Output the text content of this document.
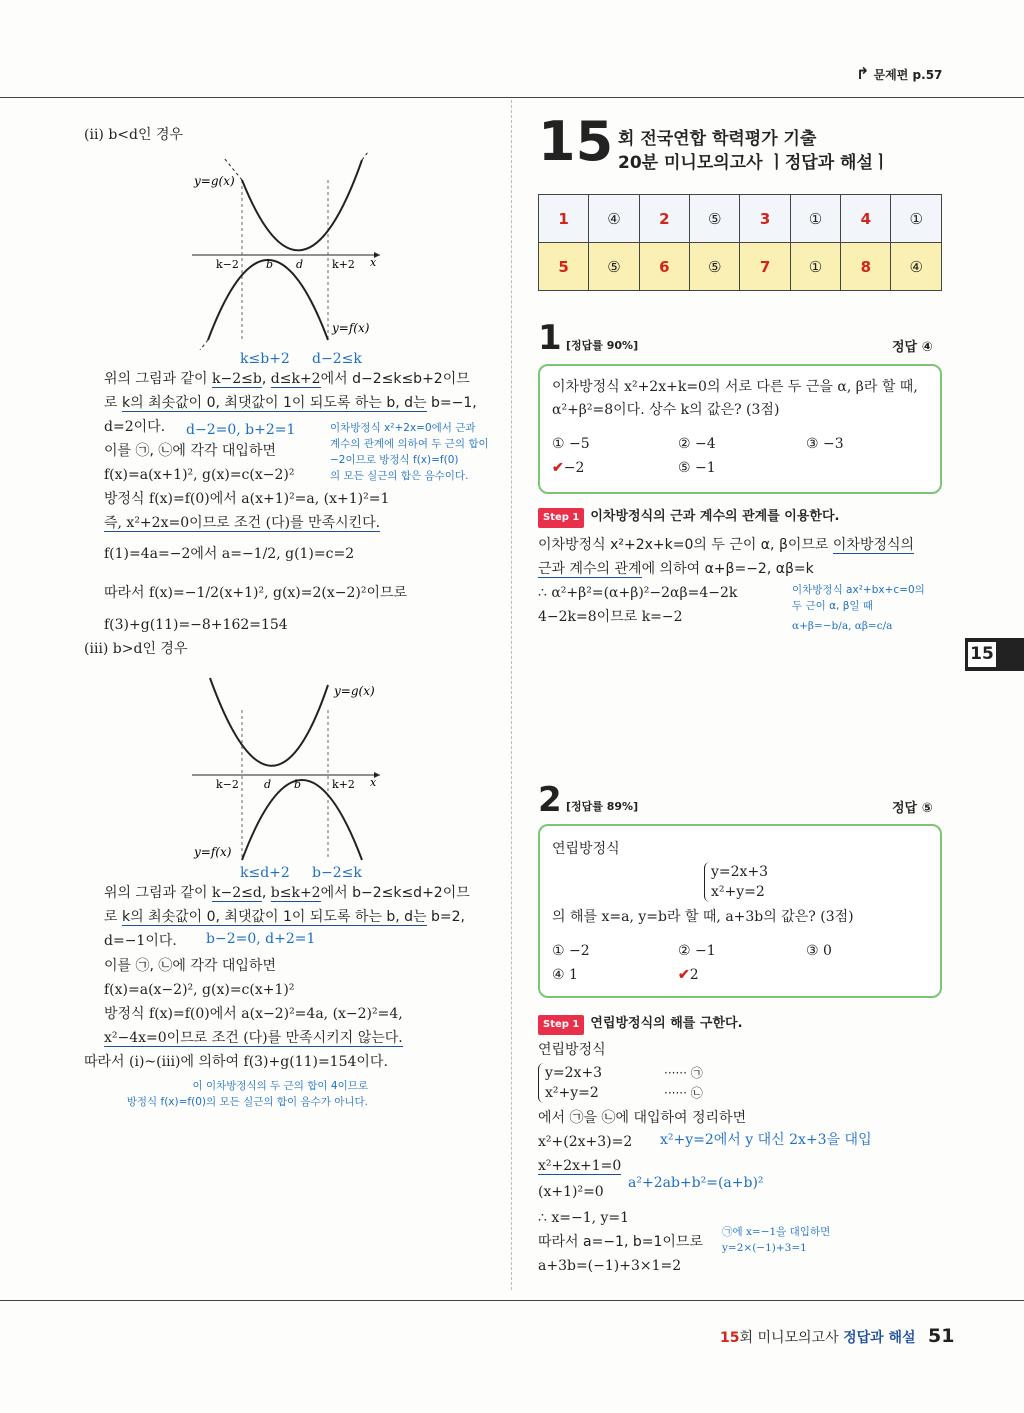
↱ 문제편 p.57
(ⅱ) b<d인 경우
y=g(x)
y=f(x)
k−2 b d	k+2 x
k≤b+2 d−2≤k
위의 그림과 같이 k−2≤b, d≤k+2에서 d−2≤k≤b+2이므
로 k의 최솟값이 0, 최댓값이 1이 되도록 하는 b, d는 b=−1,
d=2이다. d−2=0, b+2=1	이차방정식 x²+2x=0에서 근과
계수의 관계에 의하여 두 근의 합이
−2이므로 방정식 f(x)=f(0)
의 모든 실근의 합은 음수이다.
이를 ㉠, ㉡에 각각 대입하면
f(x)=a(x+1)², g(x)=c(x−2)²
방정식 f(x)=f(0)에서 a(x+1)²=a, (x+1)²=1
즉, x²+2x=0이므로 조건 (다)를 만족시킨다.
f(1)=4a=−2에서 a=−1/2, g(1)=c=2
따라서 f(x)=−1/2(x+1)², g(x)=2(x−2)²이므로
f(3)+g(11)=−8+162=154
(ⅲ) b>d인 경우
y=g(x)
y=f(x)
k−2 d b	k+2 x
k≤d+2 b−2≤k
위의 그림과 같이 k−2≤d, b≤k+2에서 b−2≤k≤d+2이므
로 k의 최솟값이 0, 최댓값이 1이 되도록 하는 b, d는 b=2,
d=−1이다. b−2=0, d+2=1
이를 ㉠, ㉡에 각각 대입하면
f(x)=a(x−2)², g(x)=c(x+1)²
방정식 f(x)=f(0)에서 a(x−2)²=4a, (x−2)²=4,
x²−4x=0이므로 조건 (다)를 만족시키지 않는다.
따라서 (ⅰ)~(ⅲ)에 의하여 f(3)+g(11)=154이다.
이 이차방정식의 두 근의 합이 4이므로
방정식 f(x)=f(0)의 모든 실근의 합이 음수가 아니다.
15 회 전국연합 학력평가 기출
20분 미니모의고사 ㅣ정답과 해설ㅣ
1	④	2	⑤	3	①	4	①
5	⑤	6	⑤	7	①	8	④
1 [정답률 90%]	정답 ④
이차방정식 x²+2x+k=0의 서로 다른 두 근을 α, β라 할 때,
α²+β²=8이다. 상수 k의 값은? (3점)
① −5	② −4	③ −3
✔−2	⑤ −1
Step 1 이차방정식의 근과 계수의 관계를 이용한다.
이차방정식 x²+2x+k=0의 두 근이 α, β이므로 이차방정식의
근과 계수의 관계에 의하여 α+β=−2, αβ=k
∴ α²+β²=(α+β)²−2αβ=4−2k
4−2k=8이므로 k=−2
이차방정식 ax²+bx+c=0의
두 근이 α, β일 때
α+β=−b/a, αβ=c/a
15
2 [정답률 89%]	정답 ⑤
연립방정식
y=2x+3
x²+y=2
의 해를 x=a, y=b라 할 때, a+3b의 값은? (3점)
① −2	② −1	③ 0
④ 1	✔2
Step 1 연립방정식의 해를 구한다.
연립방정식
y=2x+3
x²+y=2
······ ㉠
······ ㉡
에서 ㉠을 ㉡에 대입하여 정리하면
x²+(2x+3)=2 x²+y=2에서 y 대신 2x+3을 대입
x²+2x+1=0
(x+1)²=0
a²+2ab+b²=(a+b)²
∴ x=−1, y=1
따라서 a=−1, b=1이므로
㉠에 x=−1을 대입하면
y=2×(−1)+3=1
a+3b=(−1)+3×1=2
15회 미니모의고사 정답과 해설 51
